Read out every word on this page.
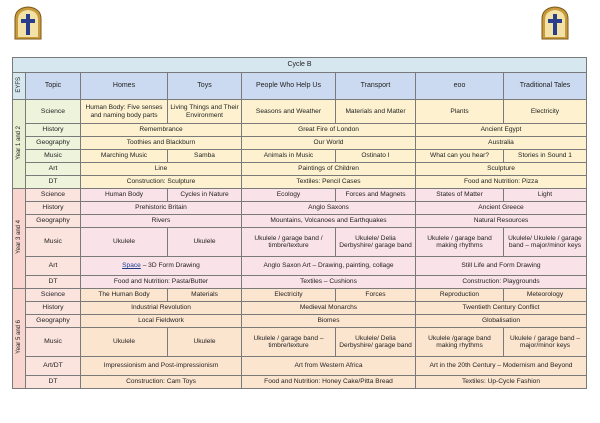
Cycle B							
EYFS	Topic	Homes	Toys	People Who Help Us	Transport	eoo	Traditional Tales
Year 1 and 2	Science	Human Body: Five senses and naming body parts	Living Things and Their Environment	Seasons and Weather	Materials and Matter	Plants	Electricity
	History	Remembrance		Great Fire of London		Ancient Egypt	
	Geography	Toothies and Blackburn		Our World		Australia	
	Music	Marching Music	Samba	Animals in Music	Ostinato I	What can you hear?	Stories in Sound 1
	Art	Line		Paintings of Children		Sculpture	
	DT	Construction: Sculpture		Textiles: Pencil Cases		Food and Nutrition: Pizza	
Year 3 and 4	Science	Human Body	Cycles in Nature	Ecology	Forces and Magnets	States of Matter	Light
	History	Prehistoric Britain		Anglo Saxons		Ancient Greece	
	Geography	Rivers		Mountains, Volcanoes and Earthquakes		Natural Resources	
	Music	Ukulele	Ukulele	Ukulele / garage band / timbre/texture	Ukulele/ Delia Derbyshire/ garage band	Ukulele / garage band making rhythms	Ukulele/ Ukulele / garage band – major/minor keys
	Art	Space – 3D Form Drawing		Anglo Saxon Art – Drawing, painting, collage		Still Life and Form Drawing	
	DT	Food and Nutrition: Pasta/Butter		Textiles – Cushions		Construction: Playgrounds	
Year 5 and 6	Science	The Human Body	Materials	Electricity	Forces	Reproduction	Meteorology
	History	Industrial Revolution		Medieval Monarchs		Twentieth Century Conflict	
	Geography	Local Fieldwork		Biomes		Globalisation	
	Music	Ukulele	Ukulele	Ukulele / garage band – timbre/texture	Ukulele/ Delia Derbyshire/ garage band	Ukulele /garage band making rhythms	Ukulele / garage band – major/minor keys
	Art/DT	Impressionism and Post-impressionism		Art from Western Africa		Art in the 20th Century – Modernism and Beyond	
	DT	Construction: Cam Toys		Food and Nutrition: Honey Cake/Pitta Bread		Textiles: Up-Cycle Fashion	
